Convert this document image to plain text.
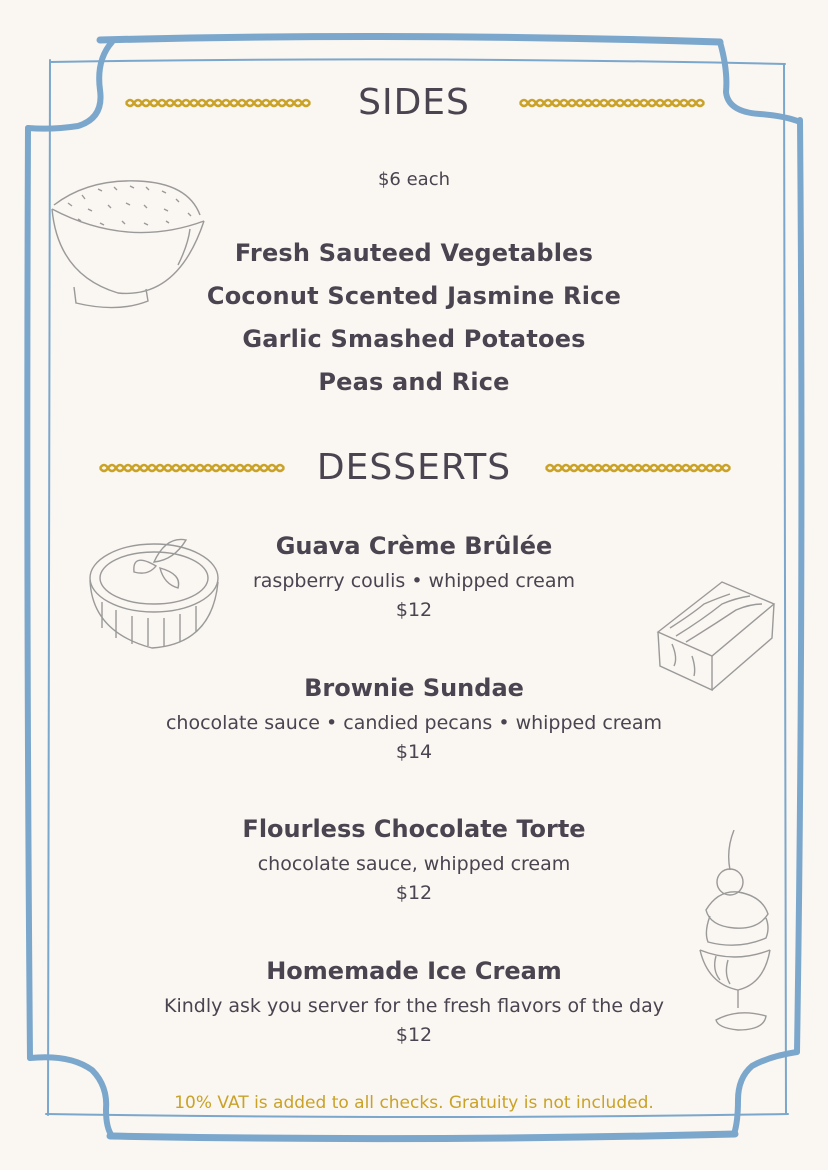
SIDES
$6 each
Fresh Sauteed Vegetables
Coconut Scented Jasmine Rice
Garlic Smashed Potatoes
Peas and Rice
DESSERTS
Guava Crème Brûlée
raspberry coulis • whipped cream
$12
Brownie Sundae
chocolate sauce • candied pecans • whipped cream
$14
Flourless Chocolate Torte
chocolate sauce, whipped cream
$12
Homemade Ice Cream
Kindly ask you server for the fresh flavors of the day
$12
10% VAT is added to all checks. Gratuity is not included.
